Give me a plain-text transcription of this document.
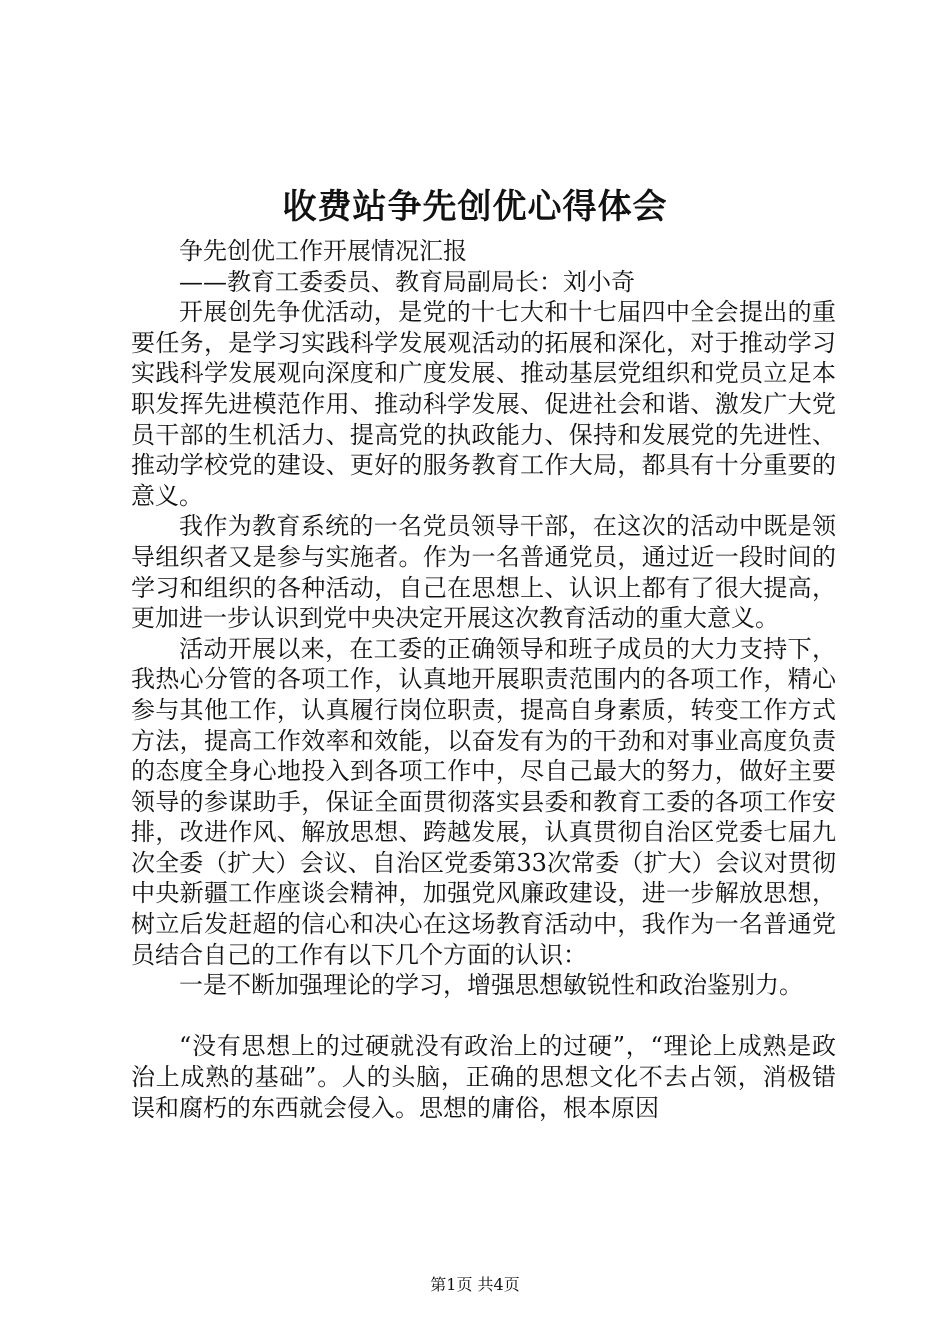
收费站争先创优心得体会

争先创优工作开展情况汇报

——教育工委委员、教育局副局长：刘小奇

开展创先争优活动，是党的十七大和十七届四中全会提出的重要任务，是学习实践科学发展观活动的拓展和深化，对于推动学习实践科学发展观向深度和广度发展、推动基层党组织和党员立足本职发挥先进模范作用、推动科学发展、促进社会和谐、激发广大党员干部的生机活力、提高党的执政能力、保持和发展党的先进性、推动学校党的建设、更好的服务教育工作大局，都具有十分重要的意义。

我作为教育系统的一名党员领导干部，在这次的活动中既是领导组织者又是参与实施者。作为一名普通党员，通过近一段时间的学习和组织的各种活动，自己在思想上、认识上都有了很大提高，更加进一步认识到党中央决定开展这次教育活动的重大意义。

活动开展以来，在工委的正确领导和班子成员的大力支持下，我热心分管的各项工作，认真地开展职责范围内的各项工作，精心参与其他工作，认真履行岗位职责，提高自身素质，转变工作方式方法，提高工作效率和效能，以奋发有为的干劲和对事业高度负责的态度全身心地投入到各项工作中，尽自己最大的努力，做好主要领导的参谋助手，保证全面贯彻落实县委和教育工委的各项工作安排，改进作风、解放思想、跨越发展，认真贯彻自治区党委七届九次全委（扩大）会议、自治区党委第33次常委（扩大）会议对贯彻中央新疆工作座谈会精神，加强党风廉政建设，进一步解放思想，树立后发赶超的信心和决心在这场教育活动中，我作为一名普通党员结合自己的工作有以下几个方面的认识：

一是不断加强理论的学习，增强思想敏锐性和政治鉴别力。

“没有思想上的过硬就没有政治上的过硬”，“理论上成熟是政治上成熟的基础”。人的头脑，正确的思想文化不去占领，消极错误和腐朽的东西就会侵入。思想的庸俗，根本原因

第1页 共4页
